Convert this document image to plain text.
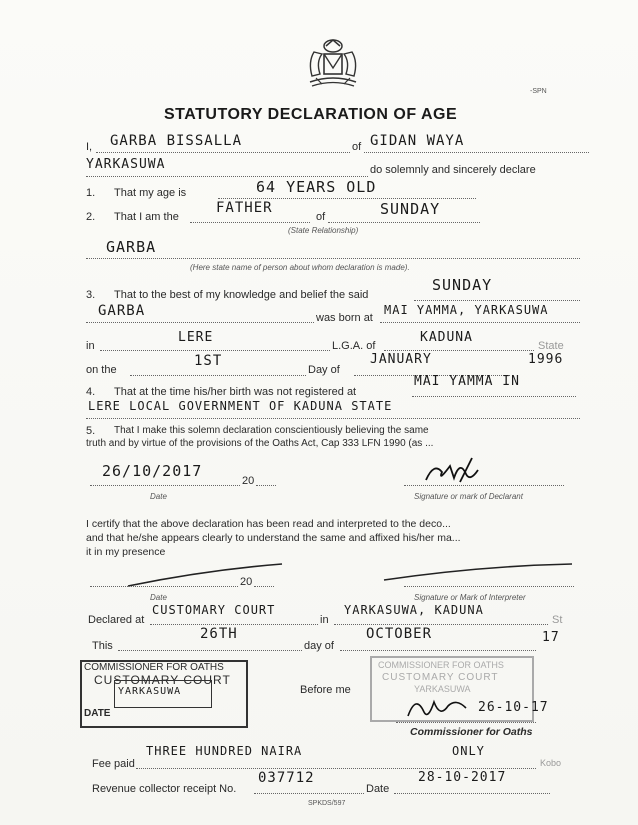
-SPN
STATUTORY DECLARATION OF AGE
I, GARBA BISSALLA	of GIDAN WAYA
YARKASUWA	do solemnly and sincerely declare
1. That my age is	64 YEARS OLD
2. That I am the
FATHER
of	SUNDAY
(State Relationship)
GARBA
(Here state name of person about whom declaration is made).
3. That to the best of my knowledge and belief the said
SUNDAY
GARBA	was born at
MAI YAMMA, YARKASUWA
in
LERE
L.G.A. of
KADUNA
State
on the
1ST
Day of
JANUARY	1996
4. That at the time his/her birth was not registered at
MAI YAMMA IN
LERE LOCAL GOVERNMENT OF KADUNA STATE
5. That I make this solemn declaration conscientiously believing the same
truth and by virtue of the provisions of the Oaths Act, Cap 333 LFN 1990 (as ...
26/10/2017
20
Date	Signature or mark of Declarant
I certify that the above declaration has been read and interpreted to the deco...
and that he/she appears clearly to understand the same and affixed his/her ma...
it in my presence
20
Date	Signature or Mark of Interpreter
Declared at
CUSTOMARY COURT
in
YARKASUWA, KADUNA
St
This
26TH
day of
OCTOBER	17
COMMISSIONER FOR OATHS
CUSTOMARY COURT
YARKASUWA
DATE
Before me
COMMISSIONER FOR OATHS
CUSTOMARY COURT
YARKASUWA
26-10-17
Commissioner for Oaths
Fee paid
THREE HUNDRED NAIRA	ONLY
Kobo
Revenue collector receipt No.
037712
Date
28-10-2017
SPKDS/597
